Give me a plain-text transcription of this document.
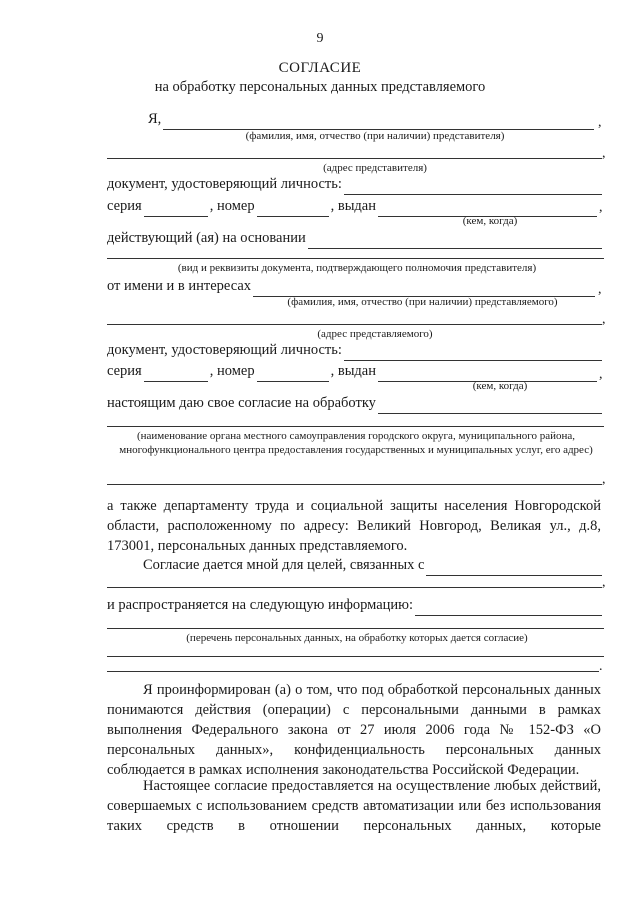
9
СОГЛАСИЕ
на обработку персональных данных представляемого
Я,	,
(фамилия, имя, отчество (при наличии) представителя)
,
(адрес представителя)
документ, удостоверяющий личность:
серия	, номер	, выдан	,
(кем, когда)
действующий (ая) на основании
(вид и реквизиты документа, подтверждающего полномочия представителя)
от имени и в интересах	,
(фамилия, имя, отчество (при наличии) представляемого)
,
(адрес представляемого)
документ, удостоверяющий личность:
серия	, номер	, выдан	,
(кем, когда)
настоящим даю свое согласие на обработку
(наименование органа местного самоуправления городского округа, муниципального района, многофункционального центра предоставления государственных и муниципальных услуг, его адрес)
,
а также департаменту труда и социальной защиты населения Новгородской области, расположенному по адресу: Великий Новгород, Великая ул., д.8, 173001, персональных данных представляемого.
Согласие дается мной для целей, связанных с
,
и распространяется на следующую информацию:
(перечень персональных данных, на обработку которых дается согласие)
.
Я проинформирован (а) о том, что под обработкой персональных данных понимаются действия (операции) с персональными данными в рамках выполнения Федерального закона от 27 июля 2006 года № 152-ФЗ «О персональных данных», конфиденциальность персональных данных соблюдается в рамках исполнения законодательства Российской Федерации.
Настоящее согласие предоставляется на осуществление любых действий, совершаемых с использованием средств автоматизации или без использования таких средств в отношении персональных данных, которые
